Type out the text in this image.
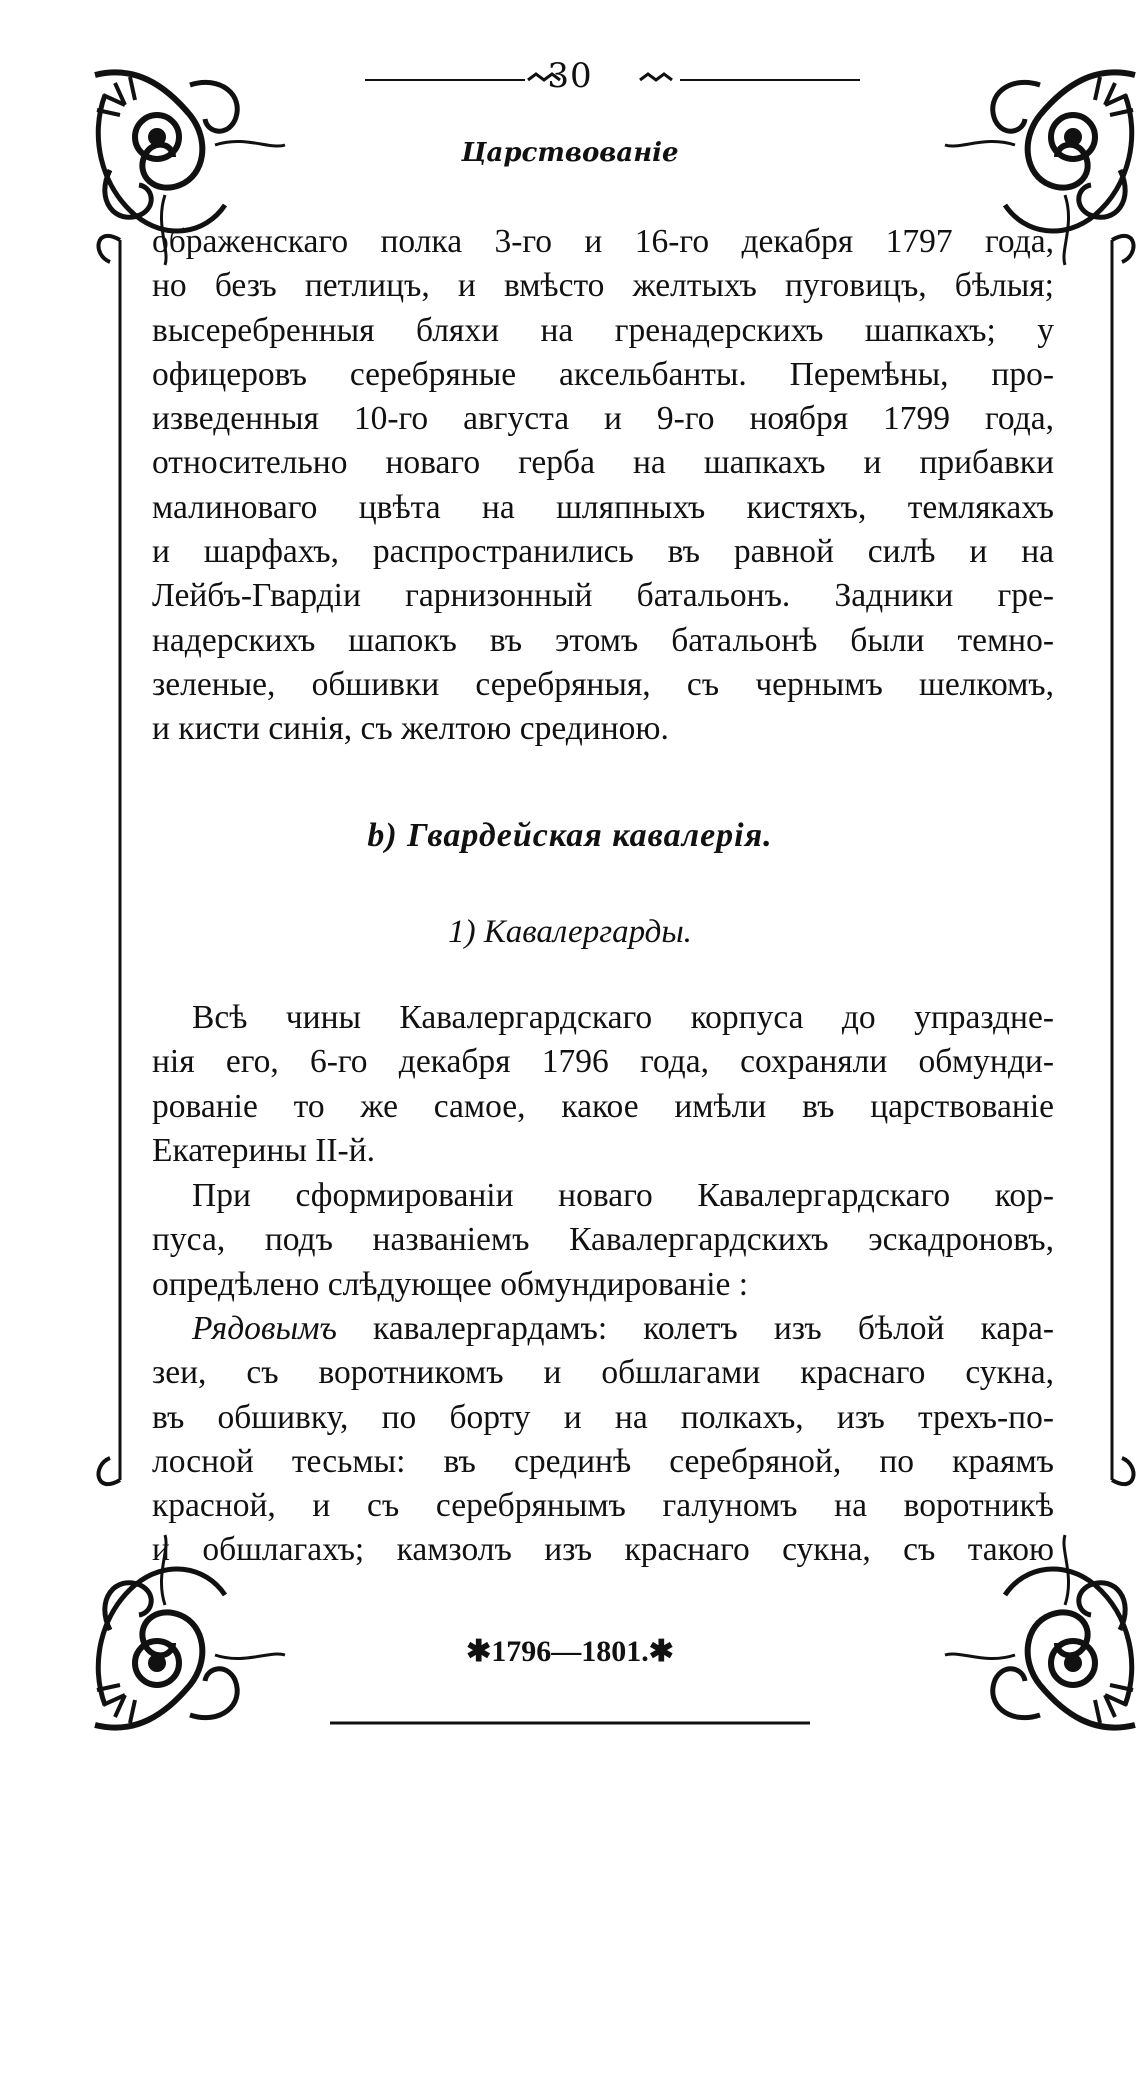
30
Царствованіе
ображенскаго полка 3-го и 16-го декабря 1797 года,
но безъ петлицъ, и вмѣсто желтыхъ пуговицъ, бѣлыя;
высеребренныя бляхи на гренадерскихъ шапкахъ; у
офицеровъ серебряные аксельбанты. Перемѣны, про-
изведенныя 10-го августа и 9-го ноября 1799 года,
относительно новаго герба на шапкахъ и прибавки
малиноваго цвѣта на шляпныхъ кистяхъ, темлякахъ
и шарфахъ, распространились въ равной силѣ и на
Лейбъ-Гвардіи гарнизонный батальонъ. Задники гре-
надерскихъ шапокъ въ этомъ батальонѣ были темно-
зеленые, обшивки серебряныя, съ чернымъ шелкомъ,
и кисти синія, съ желтою срединою.
b) Гвардейская кавалерія.
1) Кавалергарды.
Всѣ чины Кавалергардскаго корпуса до упраздне-
нія его, 6-го декабря 1796 года, сохраняли обмунди-
рованіе то же самое, какое имѣли въ царствованіе
Екатерины II-й.
При сформированіи новаго Кавалергардскаго кор-
пуса, подъ названіемъ Кавалергардскихъ эскадроновъ,
опредѣлено слѣдующее обмундированіе :
Рядовымъ кавалергардамъ: колетъ изъ бѣлой кара-
зеи, съ воротникомъ и обшлагами краснаго сукна,
въ обшивку, по борту и на полкахъ, изъ трехъ-по-
лосной тесьмы: въ срединѣ серебряной, по краямъ
красной, и съ серебрянымъ галуномъ на воротникѣ
и обшлагахъ; камзолъ изъ краснаго сукна, съ такою
✱1796—1801.✱
